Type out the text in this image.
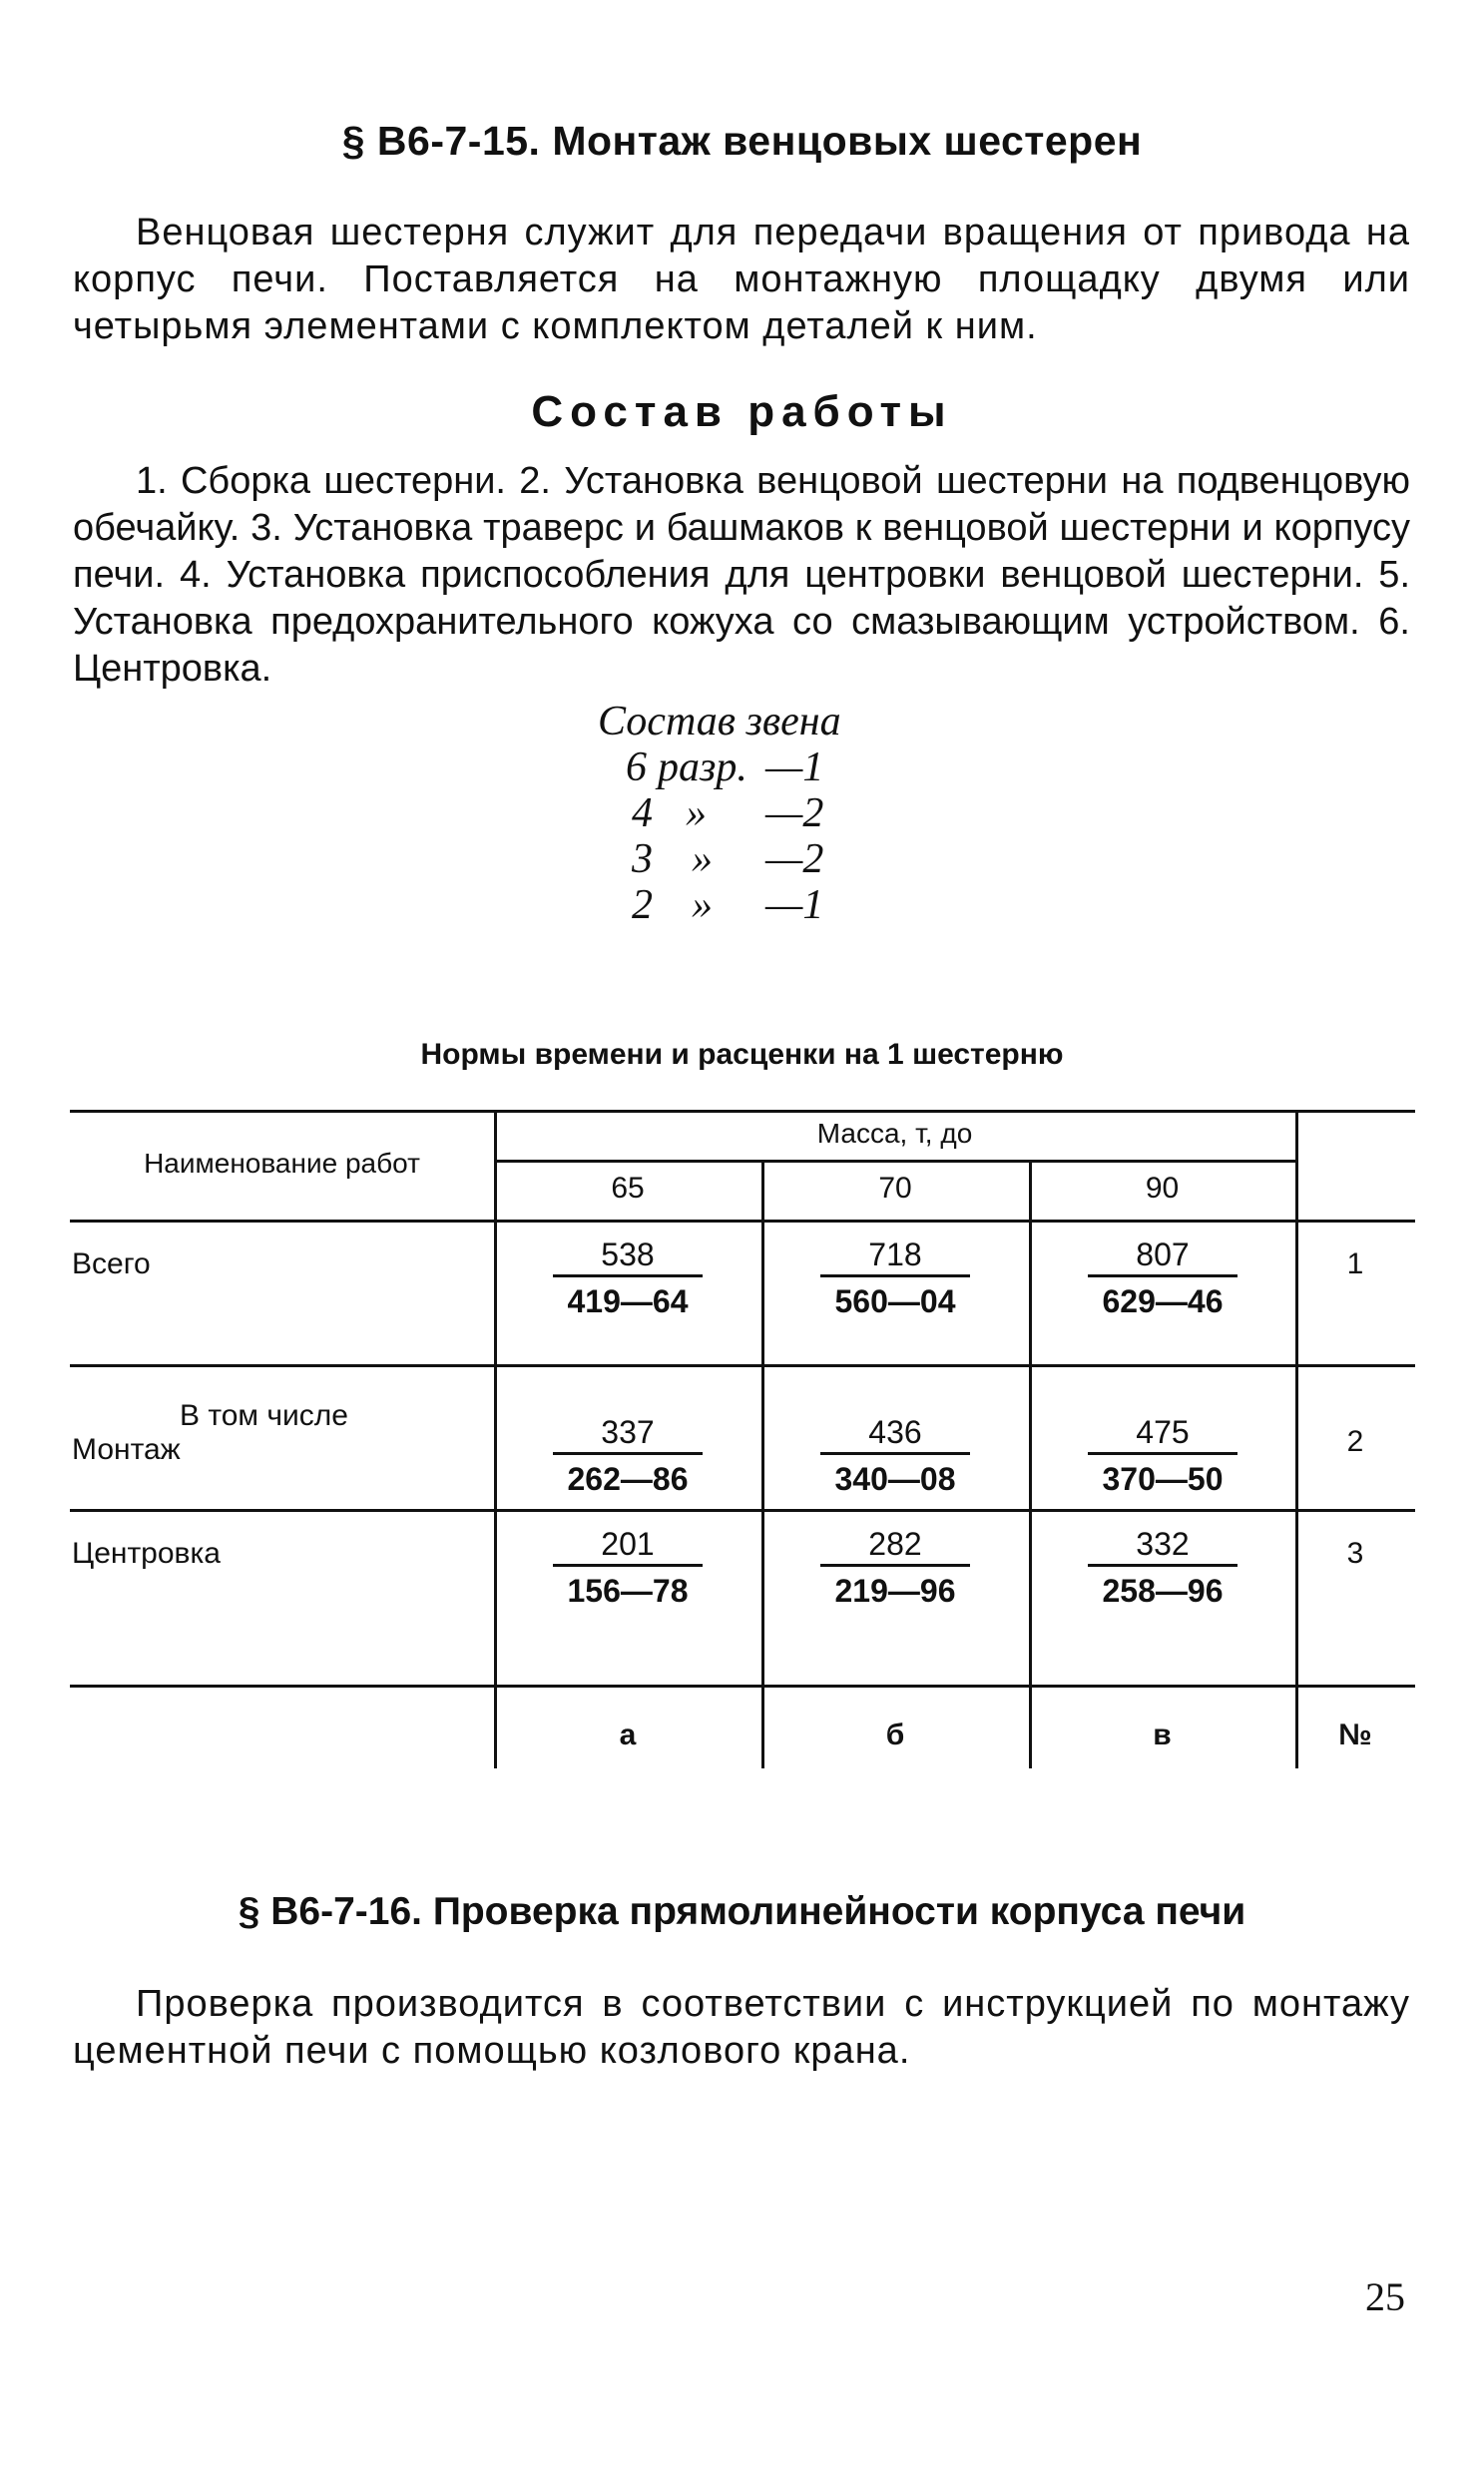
§ В6-7-15. Монтаж венцовых шестерен

Венцовая шестерня служит для передачи вращения от привода на корпус печи. Поставляется на монтажную площадку двумя или четырьмя элементами с комплектом деталей к ним.

Состав работы

1. Сборка шестерни. 2. Установка венцовой шестерни на подвенцовую обечайку. 3. Установка траверс и башмаков к венцовой шестерни и корпусу печи. 4. Установка приспособления для центровки венцовой шестерни. 5. Установка предохранительного кожуха со смазывающим устройством. 6. Центровка.

Состав звена
6 разр. —1
4 » —2
3 » —2
2 » —1
Нормы времени и расценки на 1 шестерню
Наименование работ
Масса, т, до
65	70	90
Всего	$\frac{538}{419—64}$	$\frac{718}{560—04}$	$\frac{807}{629—46}$	1
В том числе
Монтаж	$\frac{337}{262—86}$	$\frac{436}{340—08}$	$\frac{475}{370—50}$	2
Центровка	$\frac{201}{156—78}$	$\frac{282}{219—96}$	$\frac{332}{258—96}$	3
а	б	в	№
§ В6-7-16. Проверка прямолинейности корпуса печи

Проверка производится в соответствии с инструкцией по монтажу цементной печи с помощью козлового крана.

25
